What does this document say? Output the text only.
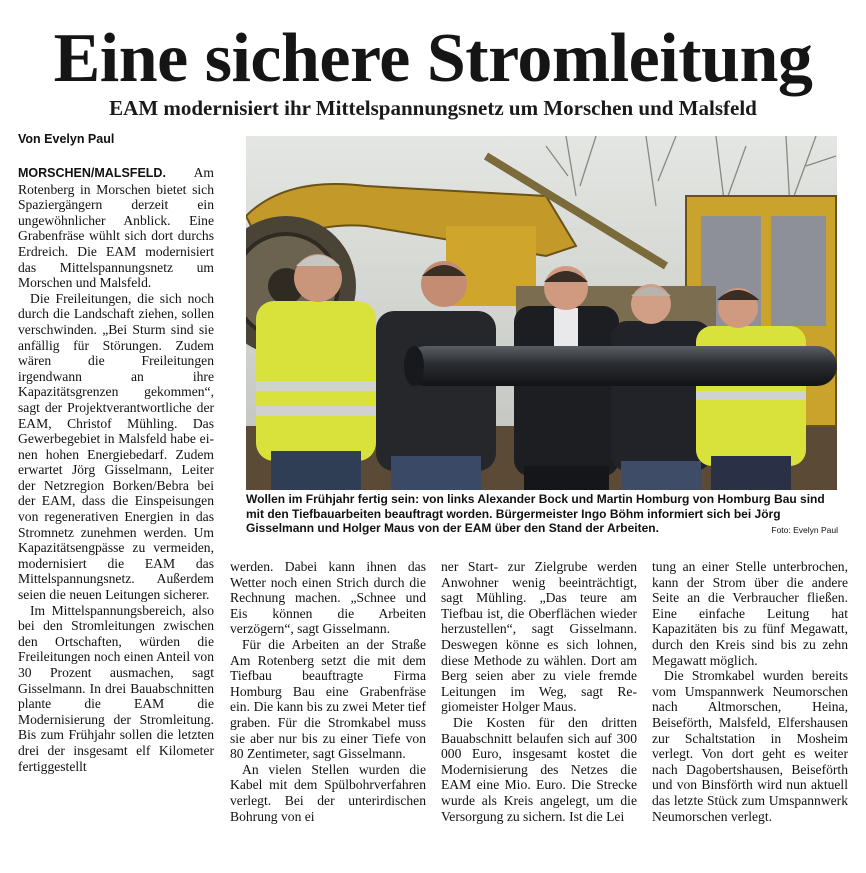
Eine sichere Stromleitung
EAM modernisiert ihr Mittelspannungsnetz um Morschen und Malsfeld
Von Evelyn Paul

MORSCHEN/MALSFELD. Am Rotenberg in Morschen bietet sich Spaziergängern derzeit ein ungewöhnlicher Anblick. Eine Grabenfräse wühlt sich dort durchs Erdreich. Die EAM modernisiert das Mittelspannungsnetz um Morschen und Malsfeld.

Die Freileitungen, die sich noch durch die Landschaft ziehen, sollen verschwinden. „Bei Sturm sind sie anfällig für Störungen. Zudem wären die Freileitungen irgendwann an ihre Kapazitätsgrenzen gekommen“, sagt der Projektverantwortliche der EAM, Christof Mühling. Das Gewerbegebiet in Malsfeld habe einen hohen Energiebedarf. Zudem erwartet Jörg Gisselmann, Leiter der Netzregion Borken/Bebra bei der EAM, dass die Einspeisungen von regenerativen Energien in das Stromnetz zunehmen werden. Um Kapazitätsengpässe zu vermeiden, modernisiert die EAM das Mittelspannungsnetz. Außerdem seien die neuen Leitungen sicherer.

Im Mittelspannungsbereich, also bei den Stromleitungen zwischen den Ortschaften, würden die Freileitungen noch einen Anteil von 30 Prozent ausmachen, sagt Gisselmann. In drei Bauabschnitten plante die EAM die Modernisierung der Stromleitung. Bis zum Frühjahr sollen die letzten drei der insgesamt elf Kilometer fertiggestellt

Wollen im Frühjahr fertig sein: von links Alexander Bock und Martin Homburg von Homburg Bau sind mit den Tiefbauarbeiten beauftragt worden. Bürgermeister Ingo Böhm informiert sich bei Jörg Gisselmann und Holger Maus von der EAM über den Stand der Arbeiten.	Foto: Evelyn Paul

werden. Dabei kann ihnen das Wetter noch einen Strich durch die Rechnung machen. „Schnee und Eis können die Arbeiten verzögern“, sagt Gisselmann.

Für die Arbeiten an der Straße Am Rotenberg setzt die mit dem Tiefbau beauftragte Firma Homburg Bau eine Grabenfräse ein. Die kann bis zu zwei Meter tief graben. Für die Stromkabel muss sie aber nur bis zu einer Tiefe von 80 Zentimeter, sagt Gisselmann.

An vielen Stellen wurden die Kabel mit dem Spülbohrverfahren verlegt. Bei der unterirdischen Bohrung von ei

ner Start- zur Zielgrube werden Anwohner wenig beeinträchtigt, sagt Mühling. „Das teure am Tiefbau ist, die Oberflächen wieder herzustellen“, sagt Gisselmann. Deswegen könne es sich lohnen, diese Methode zu wählen. Dort am Berg seien aber zu viele fremde Leitungen im Weg, sagt Regiomeister Holger Maus.

Die Kosten für den dritten Bauabschnitt belaufen sich auf 300 000 Euro, insgesamt kostet die Modernisierung des Netzes die EAM eine Mio. Euro. Die Strecke wurde als Kreis angelegt, um die Versorgung zu sichern. Ist die Lei

tung an einer Stelle unterbrochen, kann der Strom über die andere Seite an die Verbraucher fließen. Eine einfache Leitung hat Kapazitäten bis zu fünf Megawatt, durch den Kreis sind bis zu zehn Megawatt möglich.

Die Stromkabel wurden bereits vom Umspannwerk Neumorschen nach Altmorschen, Heina, Beiseförth, Malsfeld, Elfershausen zur Schaltstation in Mosheim verlegt. Von dort geht es weiter nach Dagobertshausen, Beiseförth und von Binsförth wird nun aktuell das letzte Stück zum Umspannwerk Neumorschen verlegt.
